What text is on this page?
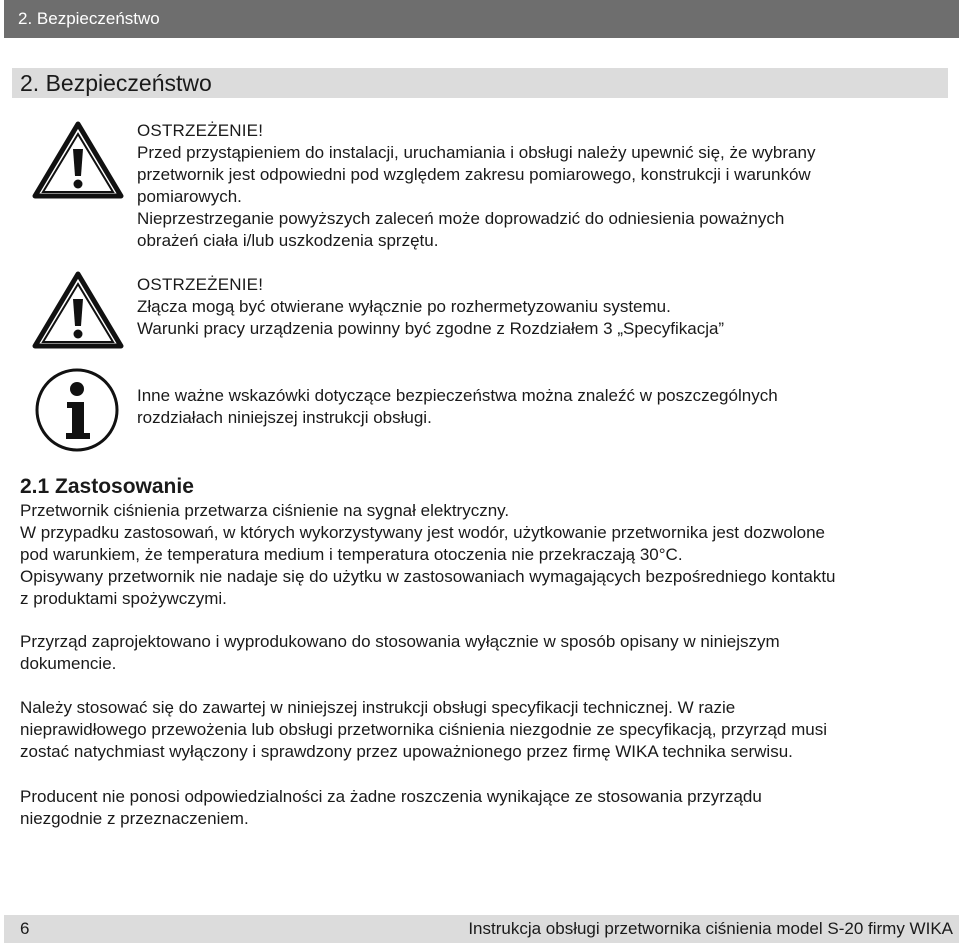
2. Bezpieczeństwo
2. Bezpieczeństwo

OSTRZEŻENIE!

Przed przystąpieniem do instalacji, uruchamiania i obsługi należy upewnić się, że wybrany

przetwornik jest odpowiedni pod względem zakresu pomiarowego, konstrukcji i warunków

pomiarowych.

Nieprzestrzeganie powyższych zaleceń może doprowadzić do odniesienia poważnych

obrażeń ciała i/lub uszkodzenia sprzętu.

OSTRZEŻENIE!

Złącza mogą być otwierane wyłącznie po rozhermetyzowaniu systemu.

Warunki pracy urządzenia powinny być zgodne z Rozdziałem 3 „Specyfikacja”

Inne ważne wskazówki dotyczące bezpieczeństwa można znaleźć w poszczególnych

rozdziałach niniejszej instrukcji obsługi.

2.1 Zastosowanie

Przetwornik ciśnienia przetwarza ciśnienie na sygnał elektryczny.

W przypadku zastosowań, w których wykorzystywany jest wodór, użytkowanie przetwornika jest dozwolone

pod warunkiem, że temperatura medium i temperatura otoczenia nie przekraczają 30°C.

Opisywany przetwornik nie nadaje się do użytku w zastosowaniach wymagających bezpośredniego kontaktu

z produktami spożywczymi.

Przyrząd zaprojektowano i wyprodukowano do stosowania wyłącznie w sposób opisany w niniejszym

dokumencie.

Należy stosować się do zawartej w niniejszej instrukcji obsługi specyfikacji technicznej. W razie

nieprawidłowego przewożenia lub obsługi przetwornika ciśnienia niezgodnie ze specyfikacją, przyrząd musi

zostać natychmiast wyłączony i sprawdzony przez upoważnionego przez firmę WIKA technika serwisu.

Producent nie ponosi odpowiedzialności za żadne roszczenia wynikające ze stosowania przyrządu

niezgodnie z przeznaczeniem.

6	Instrukcja obsługi przetwornika ciśnienia model S-20 firmy WIKA
